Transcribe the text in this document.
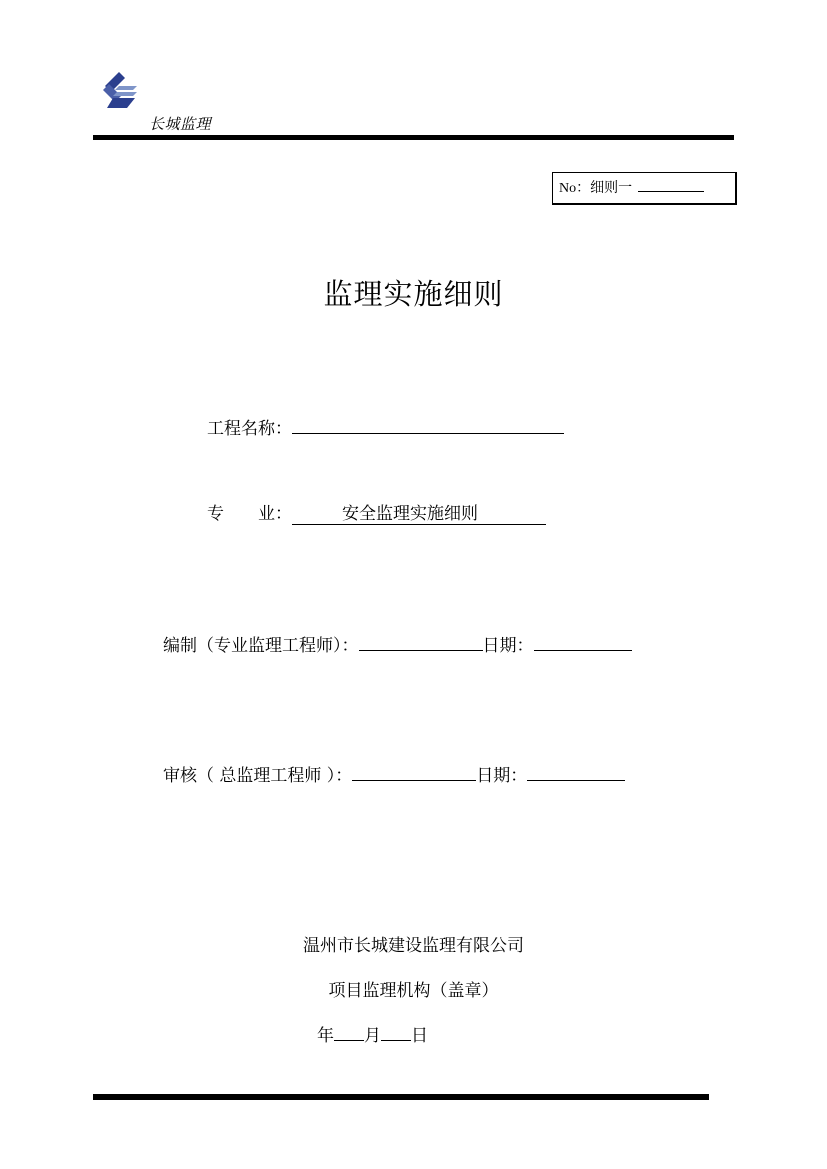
长城监理
No：细则一
监理实施细则
工程名称：
专　　业：	安全监理实施细则
编制（专业监理工程师）：	日期：
审核（ 总监理工程师 ）：	日期：
温州市长城建设监理有限公司
项目监理机构（盖章）
年 月 日
